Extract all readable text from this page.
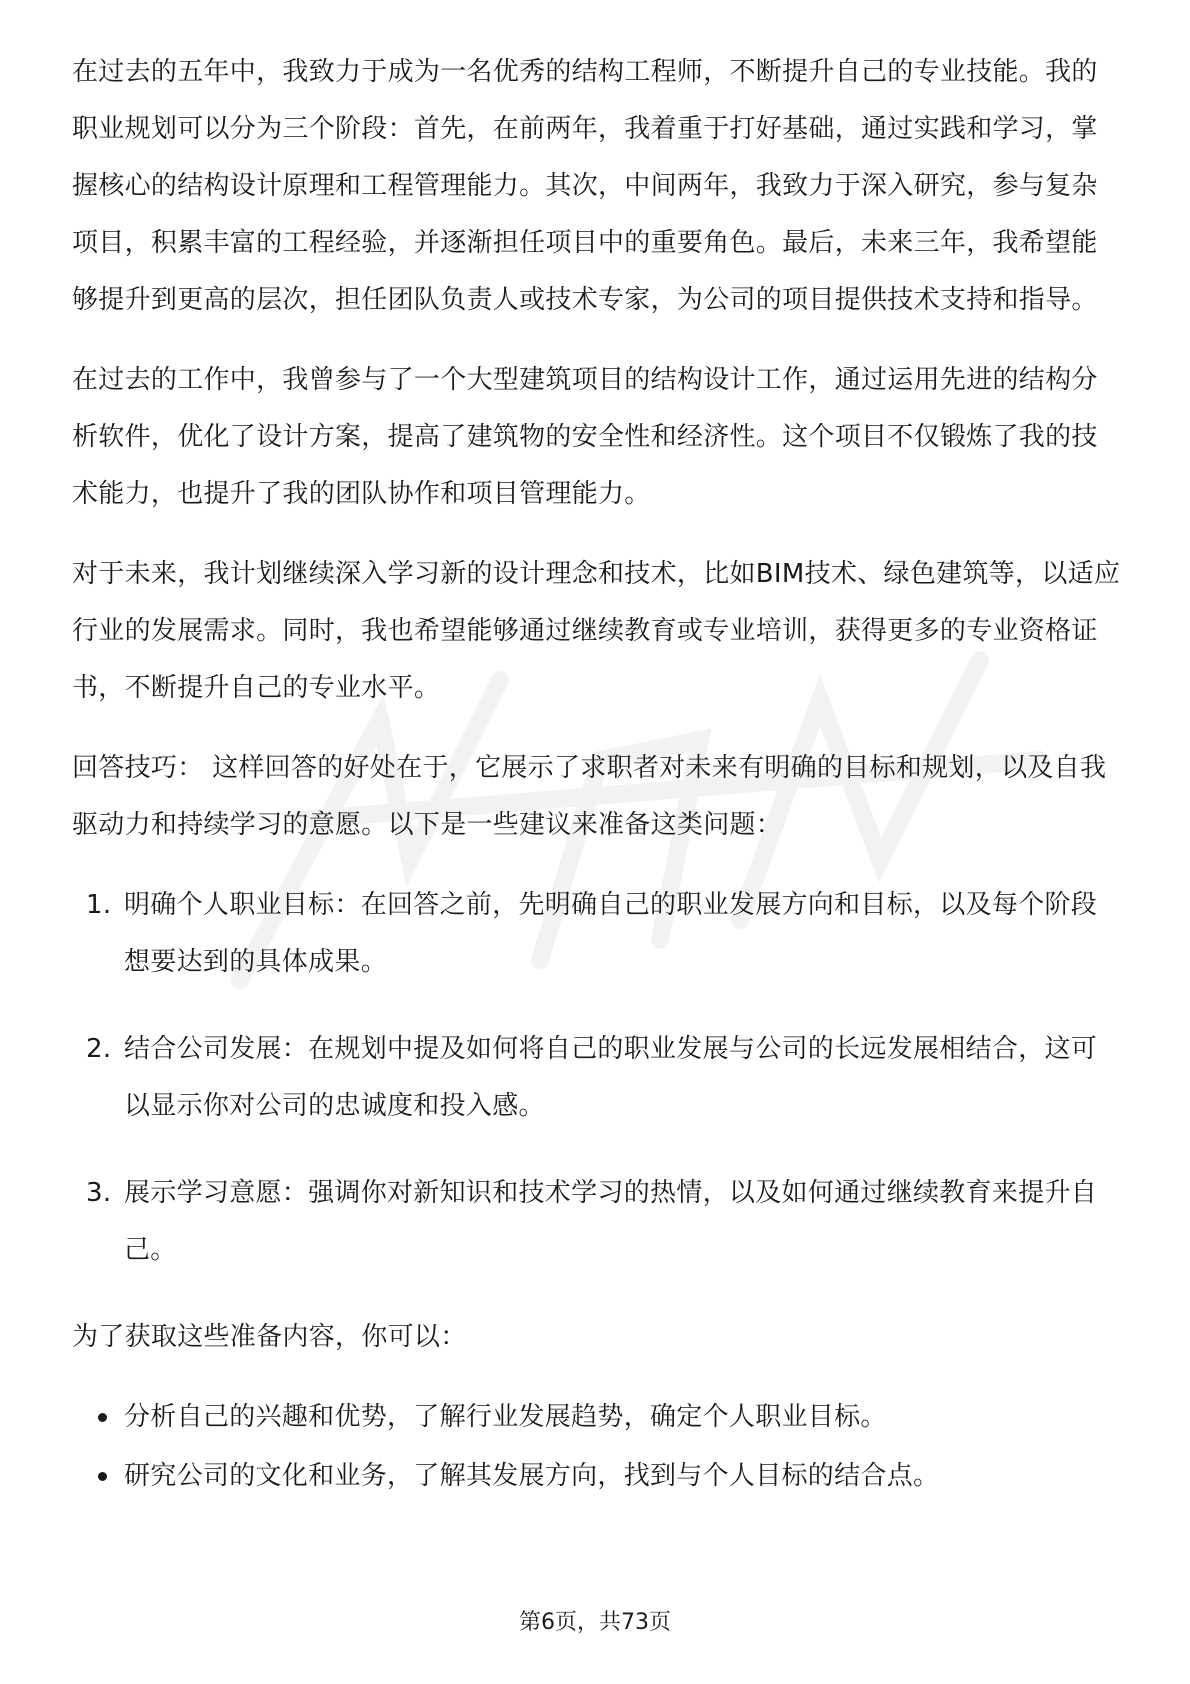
在过去的五年中，我致力于成为一名优秀的结构工程师，不断提升自己的专业技能。我的职业规划可以分为三个阶段：首先，在前两年，我着重于打好基础，通过实践和学习，掌握核心的结构设计原理和工程管理能力。其次，中间两年，我致力于深入研究，参与复杂项目，积累丰富的工程经验，并逐渐担任项目中的重要角色。最后，未来三年，我希望能够提升到更高的层次，担任团队负责人或技术专家，为公司的项目提供技术支持和指导。

在过去的工作中，我曾参与了一个大型建筑项目的结构设计工作，通过运用先进的结构分析软件，优化了设计方案，提高了建筑物的安全性和经济性。这个项目不仅锻炼了我的技术能力，也提升了我的团队协作和项目管理能力。

对于未来，我计划继续深入学习新的设计理念和技术，比如BIM技术、绿色建筑等，以适应行业的发展需求。同时，我也希望能够通过继续教育或专业培训，获得更多的专业资格证书，不断提升自己的专业水平。

回答技巧： 这样回答的好处在于，它展示了求职者对未来有明确的目标和规划，以及自我驱动力和持续学习的意愿。以下是一些建议来准备这类问题：

1. 明确个人职业目标：在回答之前，先明确自己的职业发展方向和目标，以及每个阶段想要达到的具体成果。
2. 结合公司发展：在规划中提及如何将自己的职业发展与公司的长远发展相结合，这可以显示你对公司的忠诚度和投入感。
3. 展示学习意愿：强调你对新知识和技术学习的热情，以及如何通过继续教育来提升自己。

为了获取这些准备内容，你可以：

分析自己的兴趣和优势，了解行业发展趋势，确定个人职业目标。
研究公司的文化和业务，了解其发展方向，找到与个人目标的结合点。
第6页，共73页
